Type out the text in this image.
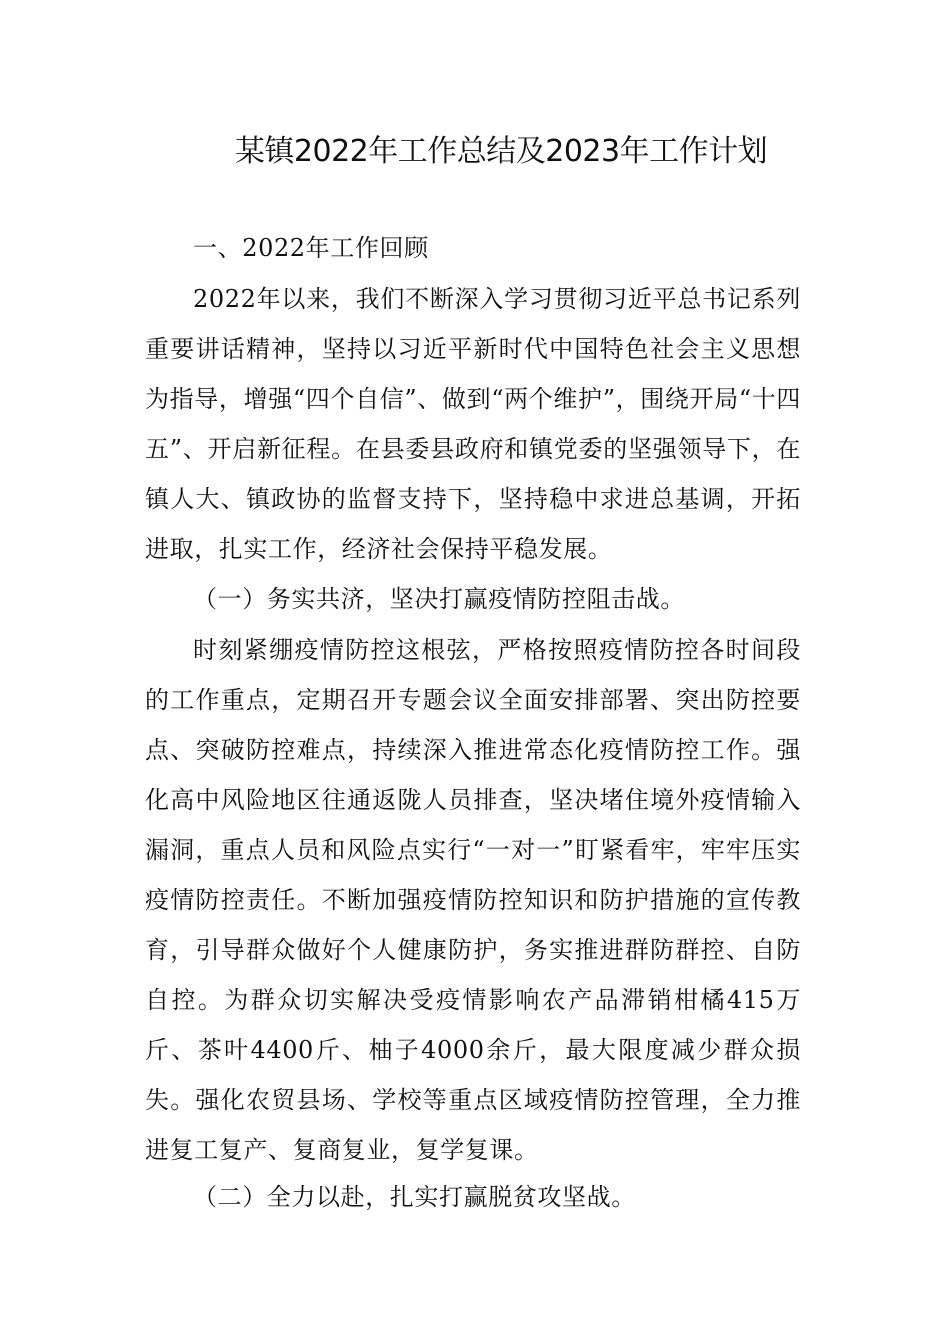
某镇2022年工作总结及2023年工作计划

一、2022年工作回顾

2022年以来，我们不断深入学习贯彻习近平总书记系列重要讲话精神，坚持以习近平新时代中国特色社会主义思想为指导，增强“四个自信”、做到“两个维护”，围绕开局“十四五”、开启新征程。在县委县政府和镇党委的坚强领导下，在镇人大、镇政协的监督支持下，坚持稳中求进总基调，开拓进取，扎实工作，经济社会保持平稳发展。

（一）务实共济，坚决打赢疫情防控阻击战。

时刻紧绷疫情防控这根弦，严格按照疫情防控各时间段的工作重点，定期召开专题会议全面安排部署、突出防控要点、突破防控难点，持续深入推进常态化疫情防控工作。强化高中风险地区往通返陇人员排查，坚决堵住境外疫情输入漏洞，重点人员和风险点实行“一对一”盯紧看牢，牢牢压实疫情防控责任。不断加强疫情防控知识和防护措施的宣传教育，引导群众做好个人健康防护，务实推进群防群控、自防自控。为群众切实解决受疫情影响农产品滞销柑橘415万斤、茶叶4400斤、柚子4000余斤，最大限度减少群众损失。强化农贸县场、学校等重点区域疫情防控管理，全力推进复工复产、复商复业，复学复课。

（二）全力以赴，扎实打赢脱贫攻坚战。
